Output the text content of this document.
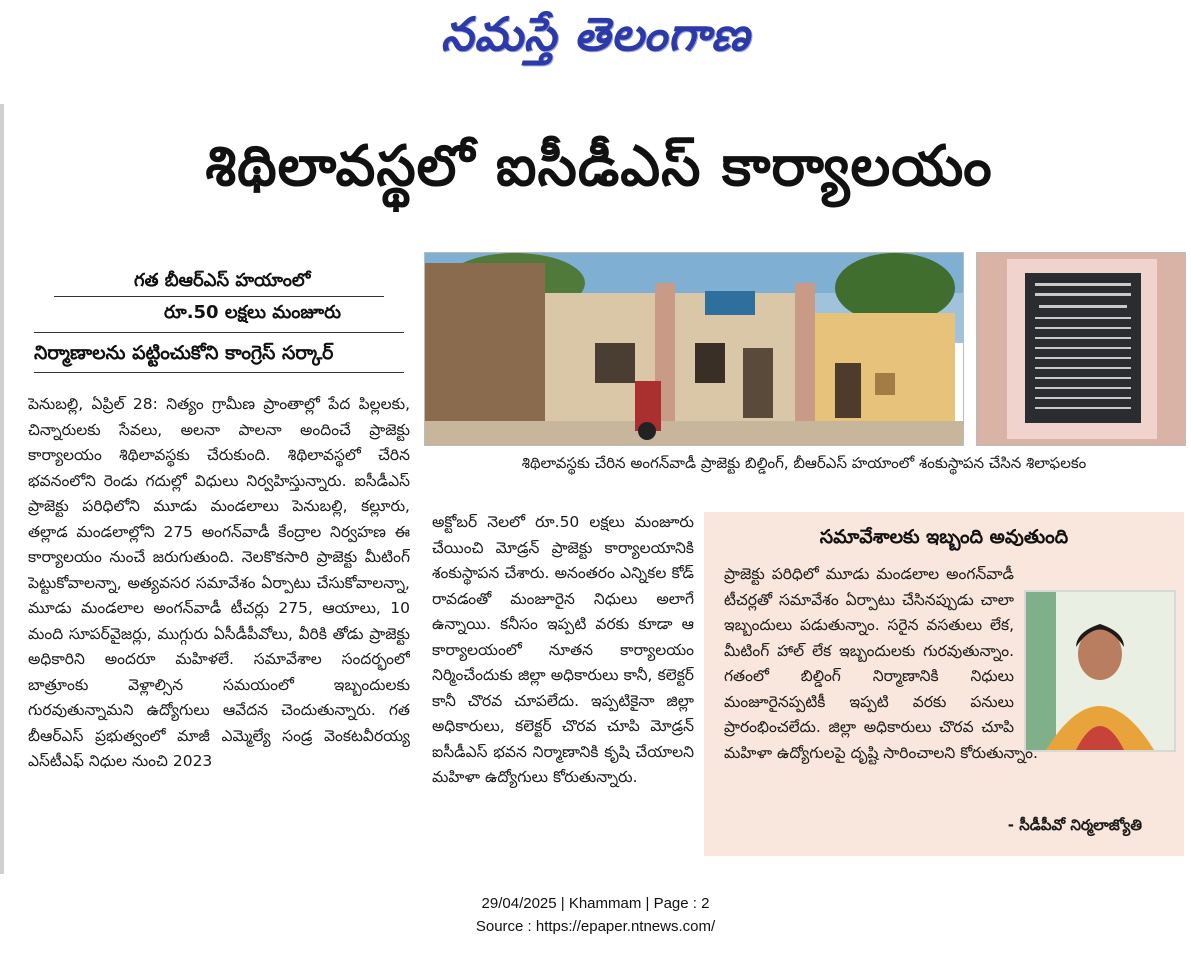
నమస్తే తెలంగాణ
శిథిలావస్థలో ఐసీడీఎస్ కార్యాలయం
గత బీఆర్ఎస్ హయాంలో
రూ.50 లక్షలు మంజూరు
నిర్మాణాలను పట్టించుకోని కాంగ్రెస్ సర్కార్
పెనుబల్లి, ఏప్రిల్ 28: నిత్యం గ్రామీణ ప్రాంతాల్లో పేద పిల్లలకు, చిన్నారులకు సేవలు, అలనా పాలనా అందించే ప్రాజెక్టు కార్యాలయం శిథిలావస్థకు చేరుకుంది. శిథిలావస్థలో చేరిన భవనంలోని రెండు గదుల్లో విధులు నిర్వహిస్తున్నారు. ఐసీడీఎస్ ప్రాజెక్టు పరిధిలోని మూడు మండలాలు పెనుబల్లి, కల్లూరు, తల్లాడ మండలాల్లోని 275 అంగన్‌వాడీ కేంద్రాల నిర్వహణ ఈ కార్యాలయం నుంచే జరుగుతుంది. నెలకొకసారి ప్రాజెక్టు మీటింగ్ పెట్టుకోవాలన్నా, అత్యవసర సమావేశం ఏర్పాటు చేసుకోవాలన్నా, మూడు మండలాల అంగన్‌వాడీ టీచర్లు 275, ఆయాలు, 10 మంది సూపర్‌వైజర్లు, ముగ్గురు ఏసీడీపీవోలు, వీరికి తోడు ప్రాజెక్టు అధికారిని అందరూ మహిళలే. సమావేశాల సందర్భంలో బాత్రూంకు వెళ్లాల్సిన సమయంలో ఇబ్బందులకు గురవుతున్నామని ఉద్యోగులు ఆవేదన చెందుతున్నారు. గత బీఆర్ఎస్ ప్రభుత్వంలో మాజీ ఎమ్మెల్యే సండ్ర వెంకటవీరయ్య ఎస్‌టీఎఫ్ నిధుల నుంచి 2023
శిథిలావస్థకు చేరిన అంగన్‌వాడీ ప్రాజెక్టు బిల్డింగ్, బీఆర్ఎస్ హయాంలో శంకుస్థాపన చేసిన శిలాఫలకం
అక్టోబర్ నెలలో రూ.50 లక్షలు మంజూరు చేయించి మోడ్రన్ ప్రాజెక్టు కార్యాలయానికి శంకుస్థాపన చేశారు. అనంతరం ఎన్నికల కోడ్ రావడంతో మంజూరైన నిధులు అలాగే ఉన్నాయి. కనీసం ఇప్పటి వరకు కూడా ఆ కార్యాలయంలో నూతన కార్యాలయం నిర్మించేందుకు జిల్లా అధికారులు కానీ, కలెక్టర్ కానీ చొరవ చూపలేదు. ఇప్పటికైనా జిల్లా అధికారులు, కలెక్టర్ చొరవ చూపి మోడ్రన్ ఐసీడీఎస్ భవన నిర్మాణానికి కృషి చేయాలని మహిళా ఉద్యోగులు కోరుతున్నారు.
సమావేశాలకు ఇబ్బంది అవుతుంది
ప్రాజెక్టు పరిధిలో మూడు మండలాల అంగన్‌వాడీ టీచర్లతో సమావేశం ఏర్పాటు చేసినప్పుడు చాలా ఇబ్బందులు పడుతున్నాం. సరైన వసతులు లేక, మీటింగ్ హాల్ లేక ఇబ్బందులకు గురవుతున్నాం. గతంలో బిల్డింగ్ నిర్మాణానికి నిధులు మంజూరైనప్పటికీ ఇప్పటి వరకు పనులు ప్రారంభించలేదు. జిల్లా అధికారులు చొరవ చూపి మహిళా ఉద్యోగులపై దృష్టి సారించాలని కోరుతున్నాం.
- సీడీపీవో నిర్మలాజ్యోతి
29/04/2025 | Khammam | Page : 2
Source : https://epaper.ntnews.com/
